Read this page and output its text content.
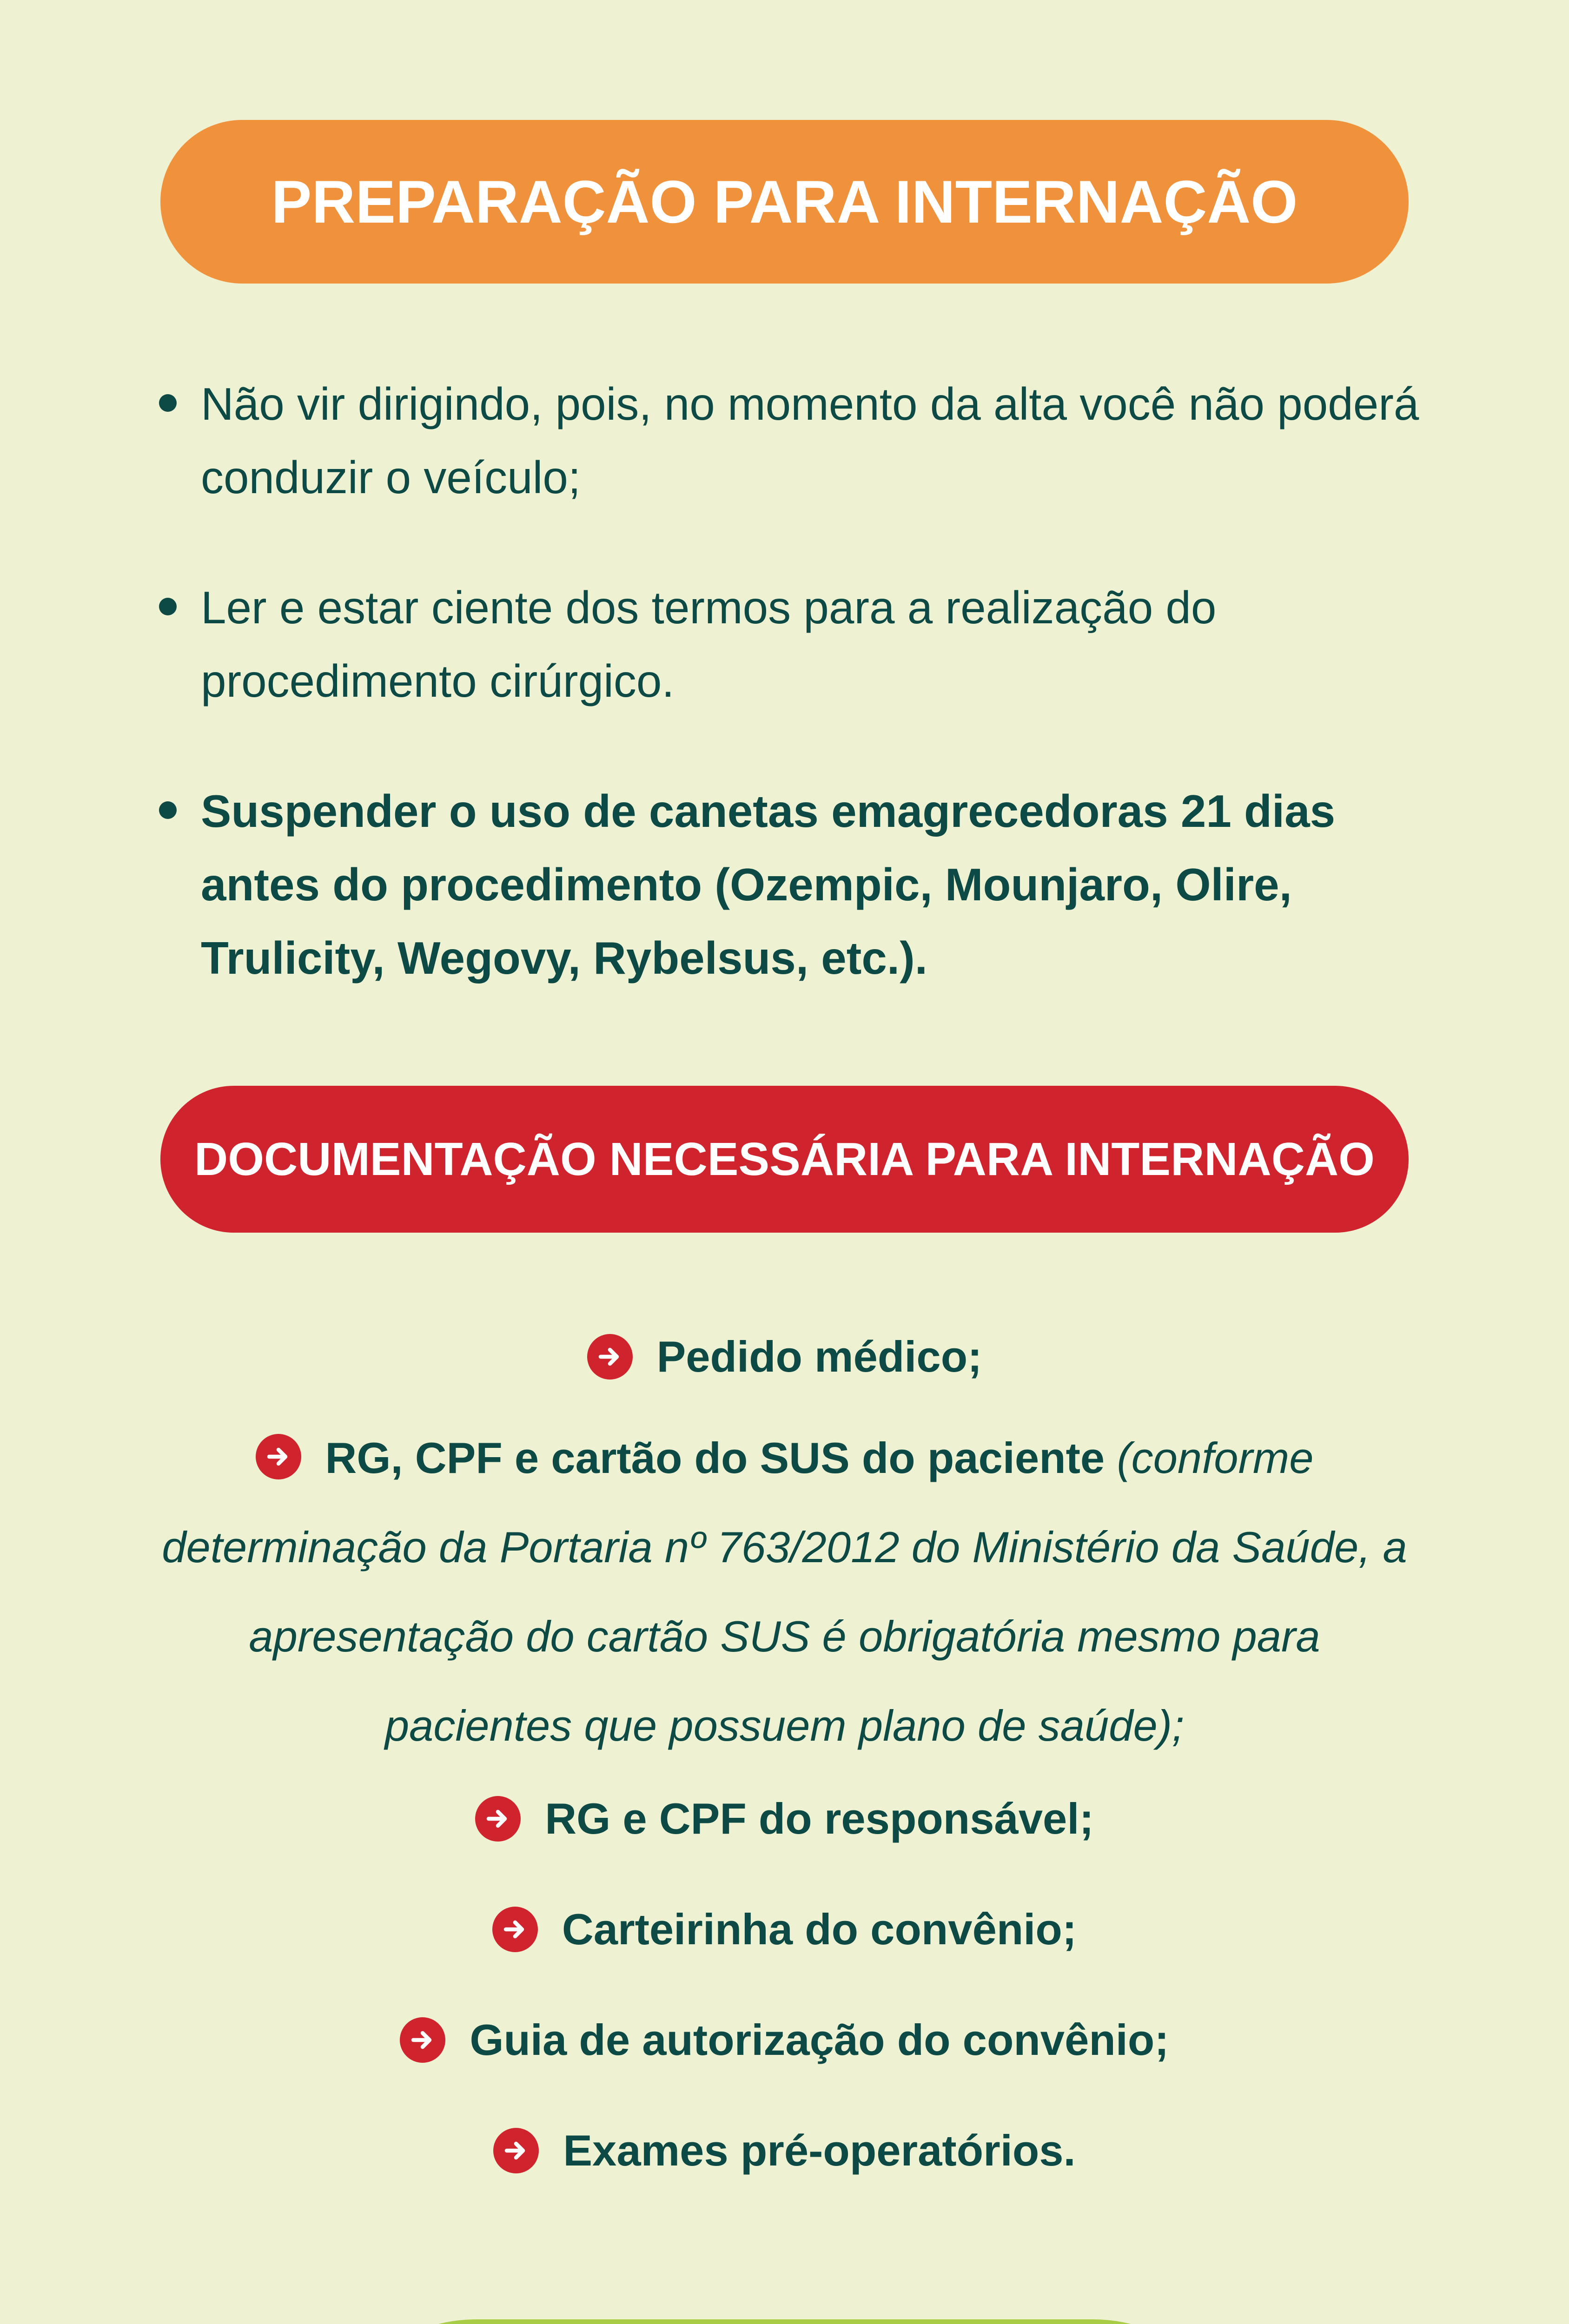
PREPARAÇÃO PARA INTERNAÇÃO
Não vir dirigindo, pois, no momento da alta você não poderá conduzir o veículo;
Ler e estar ciente dos termos para a realização do procedimento cirúrgico.
Suspender o uso de canetas emagrecedoras 21 dias antes do procedimento (Ozempic, Mounjaro, Olire, Trulicity, Wegovy, Rybelsus, etc.).
DOCUMENTAÇÃO NECESSÁRIA PARA INTERNAÇÃO
Pedido médico;
RG, CPF e cartão do SUS do paciente (conforme determinação da Portaria nº 763/2012 do Ministério da Saúde, a apresentação do cartão SUS é obrigatória mesmo para pacientes que possuem plano de saúde);
RG e CPF do responsável;
Carteirinha do convênio;
Guia de autorização do convênio;
Exames pré-operatórios.
